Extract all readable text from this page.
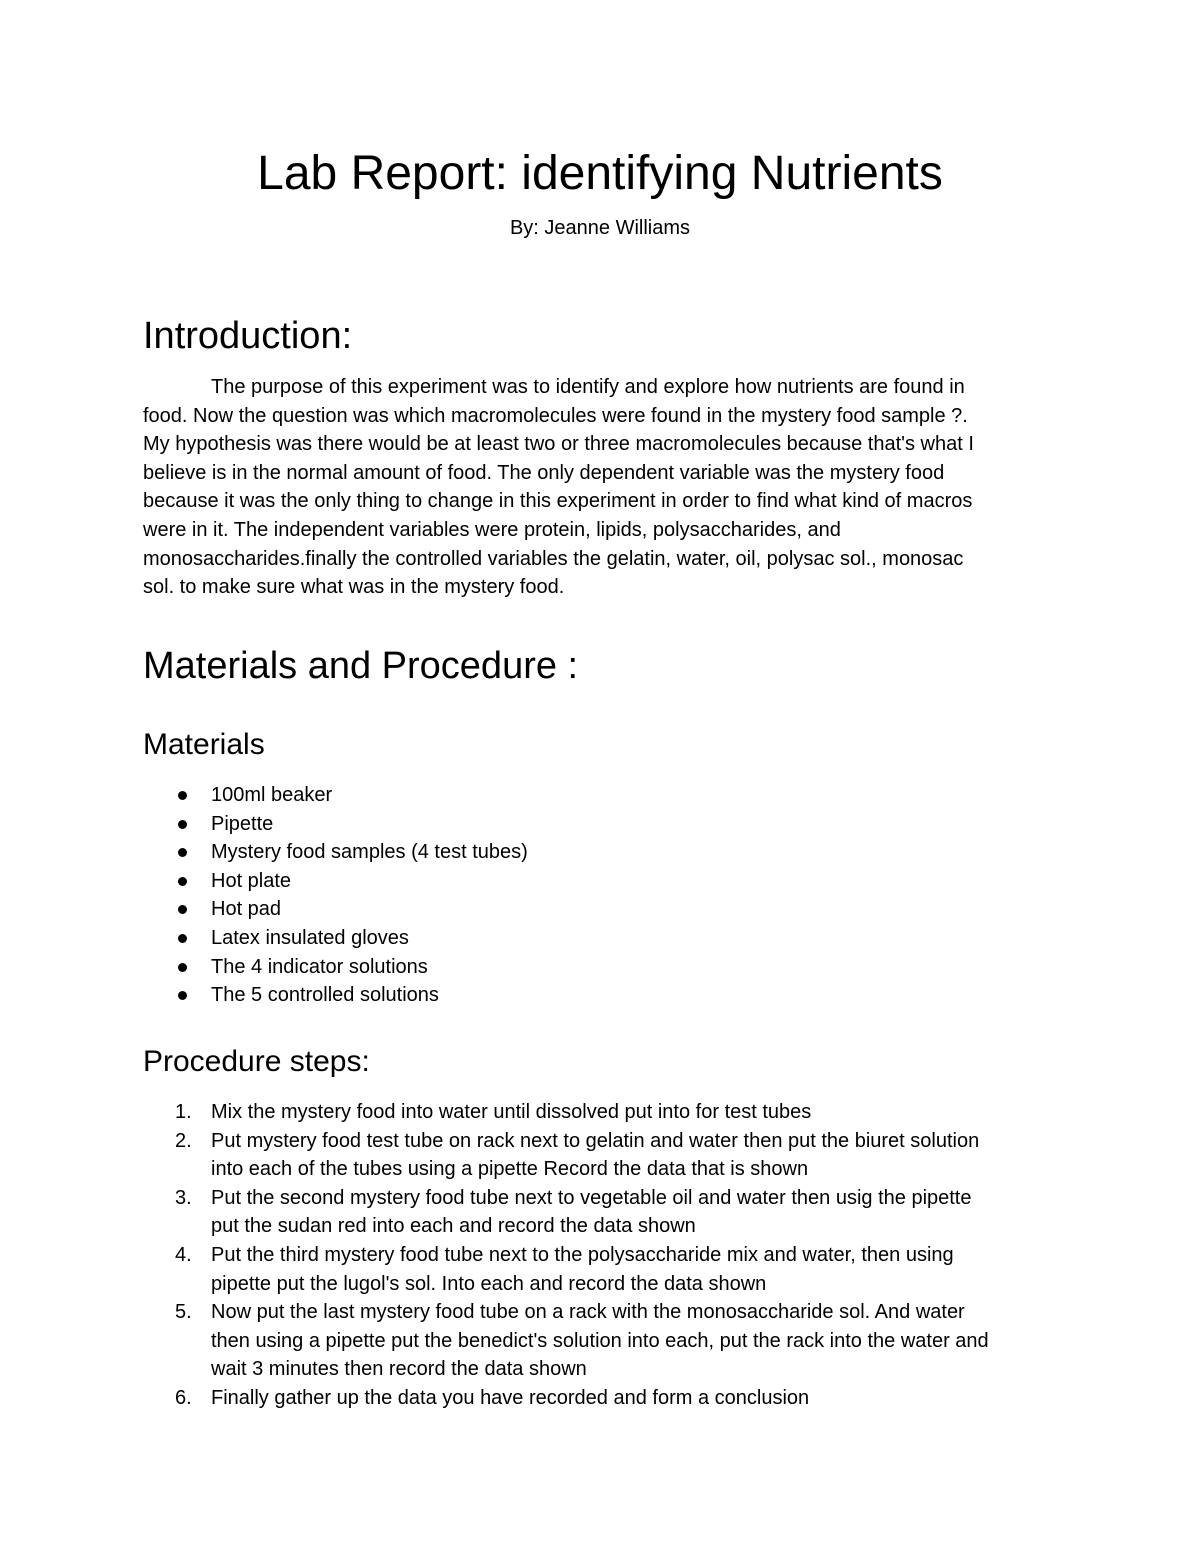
Lab Report: identifying Nutrients

By: Jeanne Williams

Introduction:
The purpose of this experiment was to identify and explore how nutrients are found in
food. Now the question was which macromolecules were found in the mystery food sample ?.
My hypothesis was there would be at least two or three macromolecules because that's what I
believe is in the normal amount of food. The only dependent variable was the mystery food
because it was the only thing to change in this experiment in order to find what kind of macros
were in it. The independent variables were protein, lipids, polysaccharides, and
monosaccharides.finally the controlled variables the gelatin, water, oil, polysac sol., monosac
sol. to make sure what was in the mystery food.
Materials and Procedure :
Materials
100ml beaker
Pipette
Mystery food samples (4 test tubes)
Hot plate
Hot pad
Latex insulated gloves
The 4 indicator solutions
The 5 controlled solutions
Procedure steps:
1. Mix the mystery food into water until dissolved put into for test tubes
2. Put mystery food test tube on rack next to gelatin and water then put the biuret solution
into each of the tubes using a pipette Record the data that is shown
3. Put the second mystery food tube next to vegetable oil and water then usig the pipette
put the sudan red into each and record the data shown
4. Put the third mystery food tube next to the polysaccharide mix and water, then using
pipette put the lugol's sol. Into each and record the data shown
5. Now put the last mystery food tube on a rack with the monosaccharide sol. And water
then using a pipette put the benedict's solution into each, put the rack into the water and
wait 3 minutes then record the data shown
6. Finally gather up the data you have recorded and form a conclusion
